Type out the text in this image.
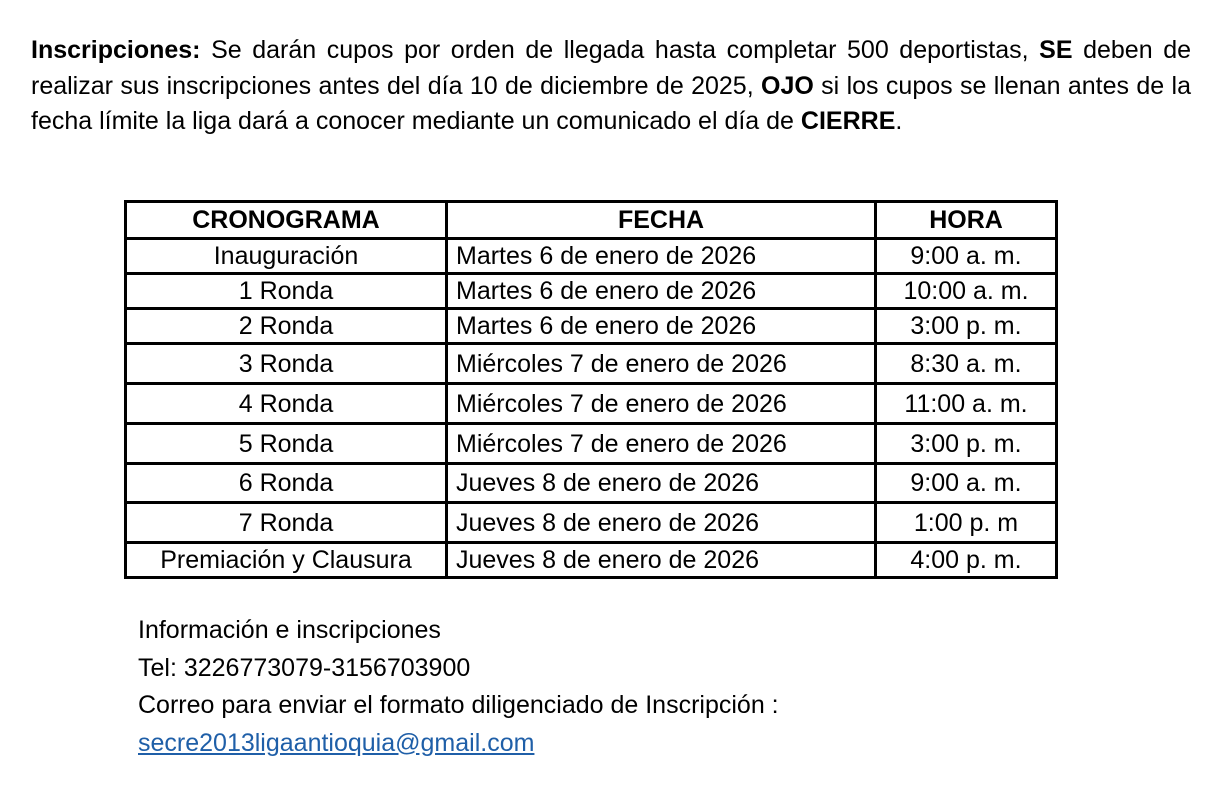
Inscripciones: Se darán cupos por orden de llegada hasta completar 500 deportistas, SE deben de realizar sus inscripciones antes del día 10 de diciembre de 2025, OJO si los cupos se llenan antes de la fecha límite la liga dará a conocer mediante un comunicado el día de CIERRE.

CRONOGRAMA	FECHA	HORA
Inauguración	Martes 6 de enero de 2026	9:00 a. m.
1 Ronda	Martes 6 de enero de 2026	10:00 a. m.
2 Ronda	Martes 6 de enero de 2026	3:00 p. m.
3 Ronda	Miércoles 7 de enero de 2026	8:30 a. m.
4 Ronda	Miércoles 7 de enero de 2026	11:00 a. m.
5 Ronda	Miércoles 7 de enero de 2026	3:00 p. m.
6 Ronda	Jueves 8 de enero de 2026	9:00 a. m.
7 Ronda	Jueves 8 de enero de 2026	1:00 p. m
Premiación y Clausura	Jueves 8 de enero de 2026	4:00 p. m.
Información e inscripciones
Tel: 3226773079-3156703900
Correo para enviar el formato diligenciado de Inscripción :
secre2013ligaantioquia@gmail.com
